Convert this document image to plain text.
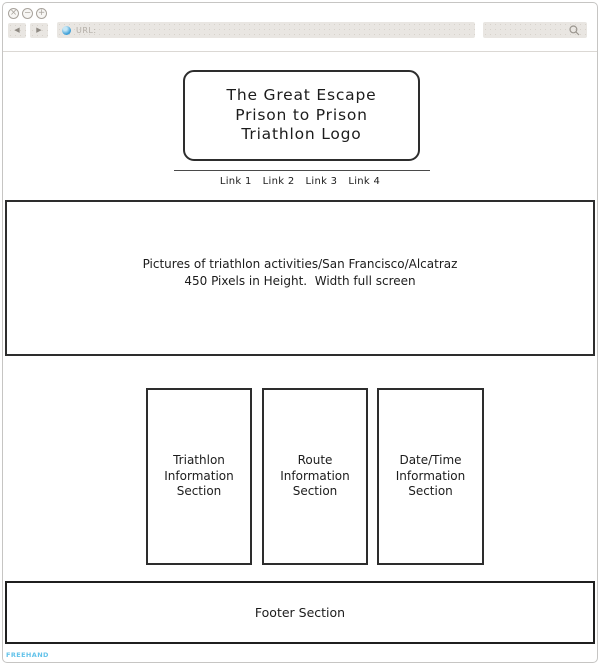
× − +
◀	▶	URL:
The Great Escape
Prison to Prison
Triathlon Logo
Link 1 Link 2 Link 3 Link 4
Pictures of triathlon activities/San Francisco/Alcatraz
450 Pixels in Height.  Width full screen
Triathlon Information Section
Route Information Section
Date/Time Information Section
Footer Section
FREEHAND
